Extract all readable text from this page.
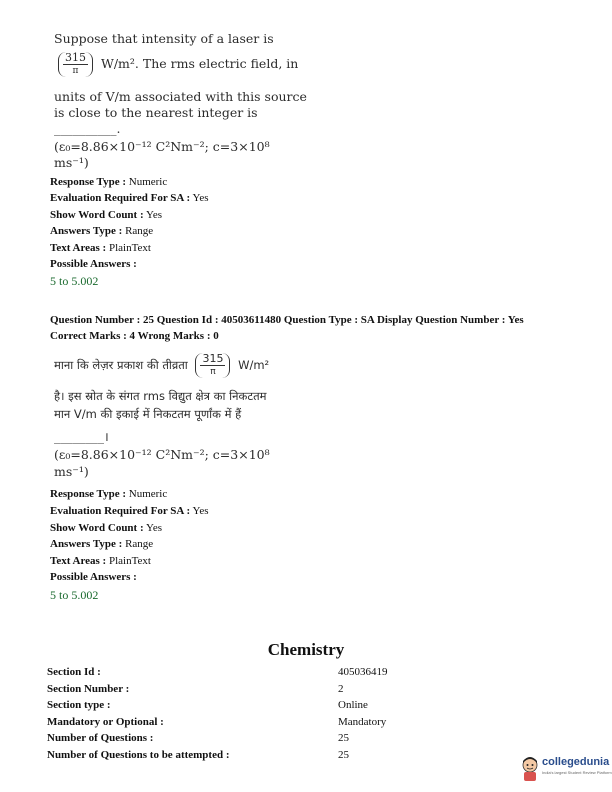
Suppose that intensity of a laser is
$\frac{315}{\pi} W/m^2$. The rms electric field, in
units of V/m associated with this source
is close to the nearest integer is
__________.
(ε₀=8.86×10⁻¹² C²Nm⁻²; c=3×10⁸
ms⁻¹)
Response Type : Numeric
Evaluation Required For SA : Yes
Show Word Count : Yes
Answers Type : Range
Text Areas : PlainText
Possible Answers :
5 to 5.002
Question Number : 25 Question Id : 40503611480 Question Type : SA Display Question Number : Yes
Correct Marks : 4 Wrong Marks : 0
माना कि लेज़र प्रकाश की तीव्रता $\frac{315}{\pi} W/m^2$
है। इस स्रोत के संगत rms विद्युत क्षेत्र का निकटतम
मान V/m की इकाई में निकटतम पूर्णांक में हैं
________।
(ε₀=8.86×10⁻¹² C²Nm⁻²; c=3×10⁸
ms⁻¹)
Response Type : Numeric
Evaluation Required For SA : Yes
Show Word Count : Yes
Answers Type : Range
Text Areas : PlainText
Possible Answers :
5 to 5.002
Chemistry
Section Id :	405036419
Section Number :	2
Section type :	Online
Mandatory or Optional :	Mandatory
Number of Questions :	25
Number of Questions to be attempted :	25
collegedunia
India's largest Student Review Platform
